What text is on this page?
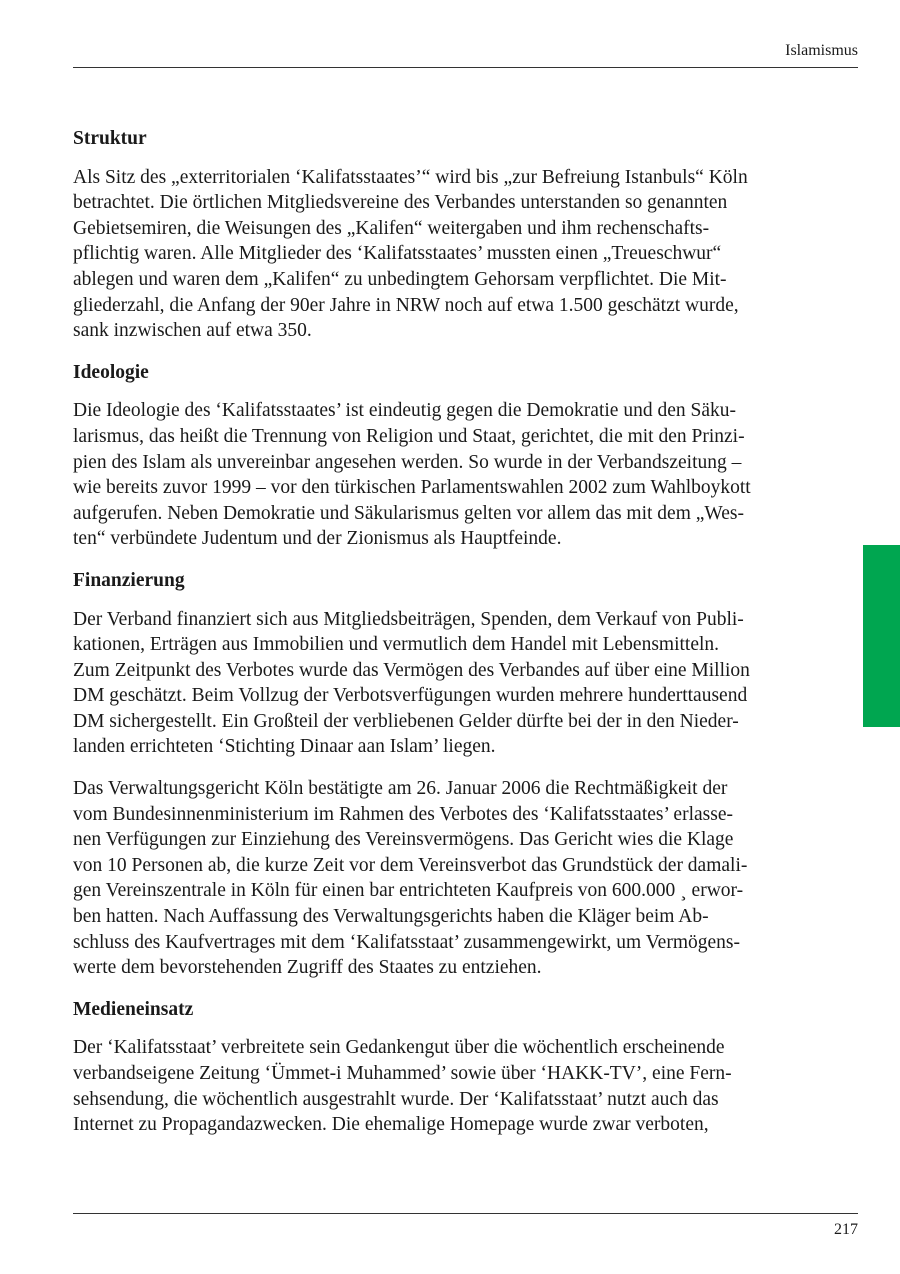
Islamismus
Struktur

Als Sitz des „exterritorialen ‘Kalifatsstaates’“ wird bis „zur Befreiung Istanbuls“ Köln
betrachtet. Die örtlichen Mitgliedsvereine des Verbandes unterstanden so genannten
Gebietsemiren, die Weisungen des „Kalifen“ weitergaben und ihm rechenschafts-
pflichtig waren. Alle Mitglieder des ‘Kalifatsstaates’ mussten einen „Treueschwur“
ablegen und waren dem „Kalifen“ zu unbedingtem Gehorsam verpflichtet. Die Mit-
gliederzahl, die Anfang der 90er Jahre in NRW noch auf etwa 1.500 geschätzt wurde,
sank inzwischen auf etwa 350.

Ideologie

Die Ideologie des ‘Kalifatsstaates’ ist eindeutig gegen die Demokratie und den Säku-
larismus, das heißt die Trennung von Religion und Staat, gerichtet, die mit den Prinzi-
pien des Islam als unvereinbar angesehen werden. So wurde in der Verbandszeitung –
wie bereits zuvor 1999 – vor den türkischen Parlamentswahlen 2002 zum Wahlboykott
aufgerufen. Neben Demokratie und Säkularismus gelten vor allem das mit dem „Wes-
ten“ verbündete Judentum und der Zionismus als Hauptfeinde.

Finanzierung

Der Verband finanziert sich aus Mitgliedsbeiträgen, Spenden, dem Verkauf von Publi-
kationen, Erträgen aus Immobilien und vermutlich dem Handel mit Lebensmitteln.
Zum Zeitpunkt des Verbotes wurde das Vermögen des Verbandes auf über eine Million
DM geschätzt. Beim Vollzug der Verbotsverfügungen wurden mehrere hunderttausend
DM sichergestellt. Ein Großteil der verbliebenen Gelder dürfte bei der in den Nieder-
landen errichteten ‘Stichting Dinaar aan Islam’ liegen.

Das Verwaltungsgericht Köln bestätigte am 26. Januar 2006 die Rechtmäßigkeit der
vom Bundesinnenministerium im Rahmen des Verbotes des ‘Kalifatsstaates’ erlasse-
nen Verfügungen zur Einziehung des Vereinsvermögens. Das Gericht wies die Klage
von 10 Personen ab, die kurze Zeit vor dem Vereinsverbot das Grundstück der damali-
gen Vereinszentrale in Köln für einen bar entrichteten Kaufpreis von 600.000 ¸ erwor-
ben hatten. Nach Auffassung des Verwaltungsgerichts haben die Kläger beim Ab-
schluss des Kaufvertrages mit dem ‘Kalifatsstaat’ zusammengewirkt, um Vermögens-
werte dem bevorstehenden Zugriff des Staates zu entziehen.

Medieneinsatz

Der ‘Kalifatsstaat’ verbreitete sein Gedankengut über die wöchentlich erscheinende
verbandseigene Zeitung ‘Ümmet-i Muhammed’ sowie über ‘HAKK-TV’, eine Fern-
sehsendung, die wöchentlich ausgestrahlt wurde. Der ‘Kalifatsstaat’ nutzt auch das
Internet zu Propagandazwecken. Die ehemalige Homepage wurde zwar verboten,

217
